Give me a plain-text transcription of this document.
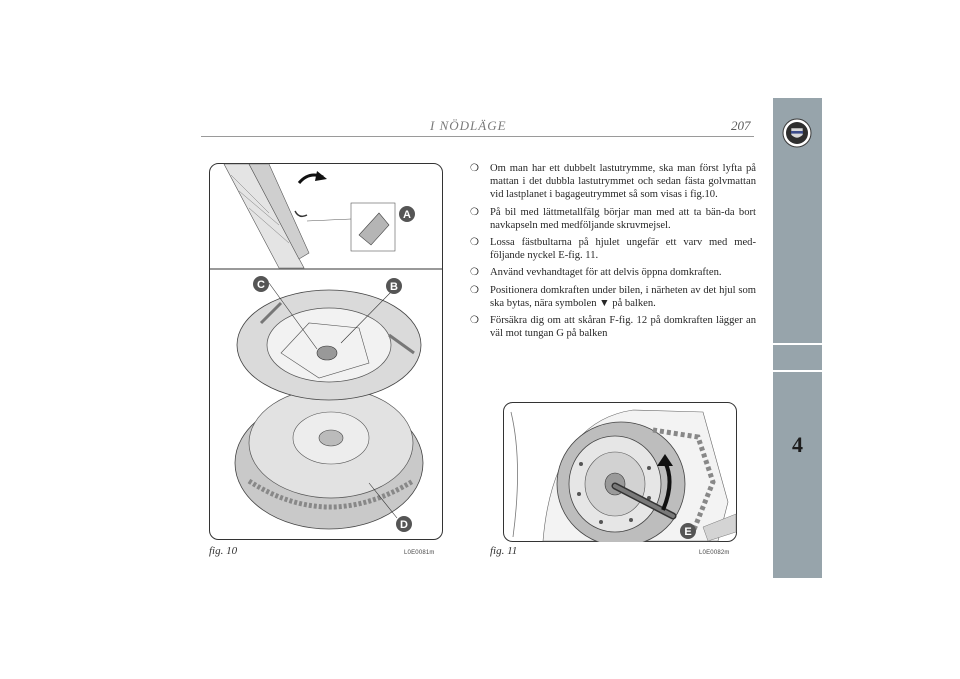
I NÖDLÄGE	207
4
A
B
C
D
fig. 10	L0E0081m
E
fig. 11	L0E0082m
❍ Om man har ett dubbelt lastutrymme, ska man först lyfta på mattan i det dubbla lastutrymmet och sedan fästa golvmattan vid lastplanet i bagageutrymmet så som visas i fig.10.
❍ På bil med lättmetallfälg börjar man med att ta bän-da bort navkapseln med medföljande skruvmejsel.
❍ Lossa fästbultarna på hjulet ungefär ett varv med med-följande nyckel E-fig. 11.
❍ Använd vevhandtaget för att delvis öppna domkraften.
❍ Positionera domkraften under bilen, i närheten av det hjul som ska bytas, nära symbolen ▼ på balken.
❍ Försäkra dig om att skåran F-fig. 12 på domkraften lägger an väl mot tungan G på balken
